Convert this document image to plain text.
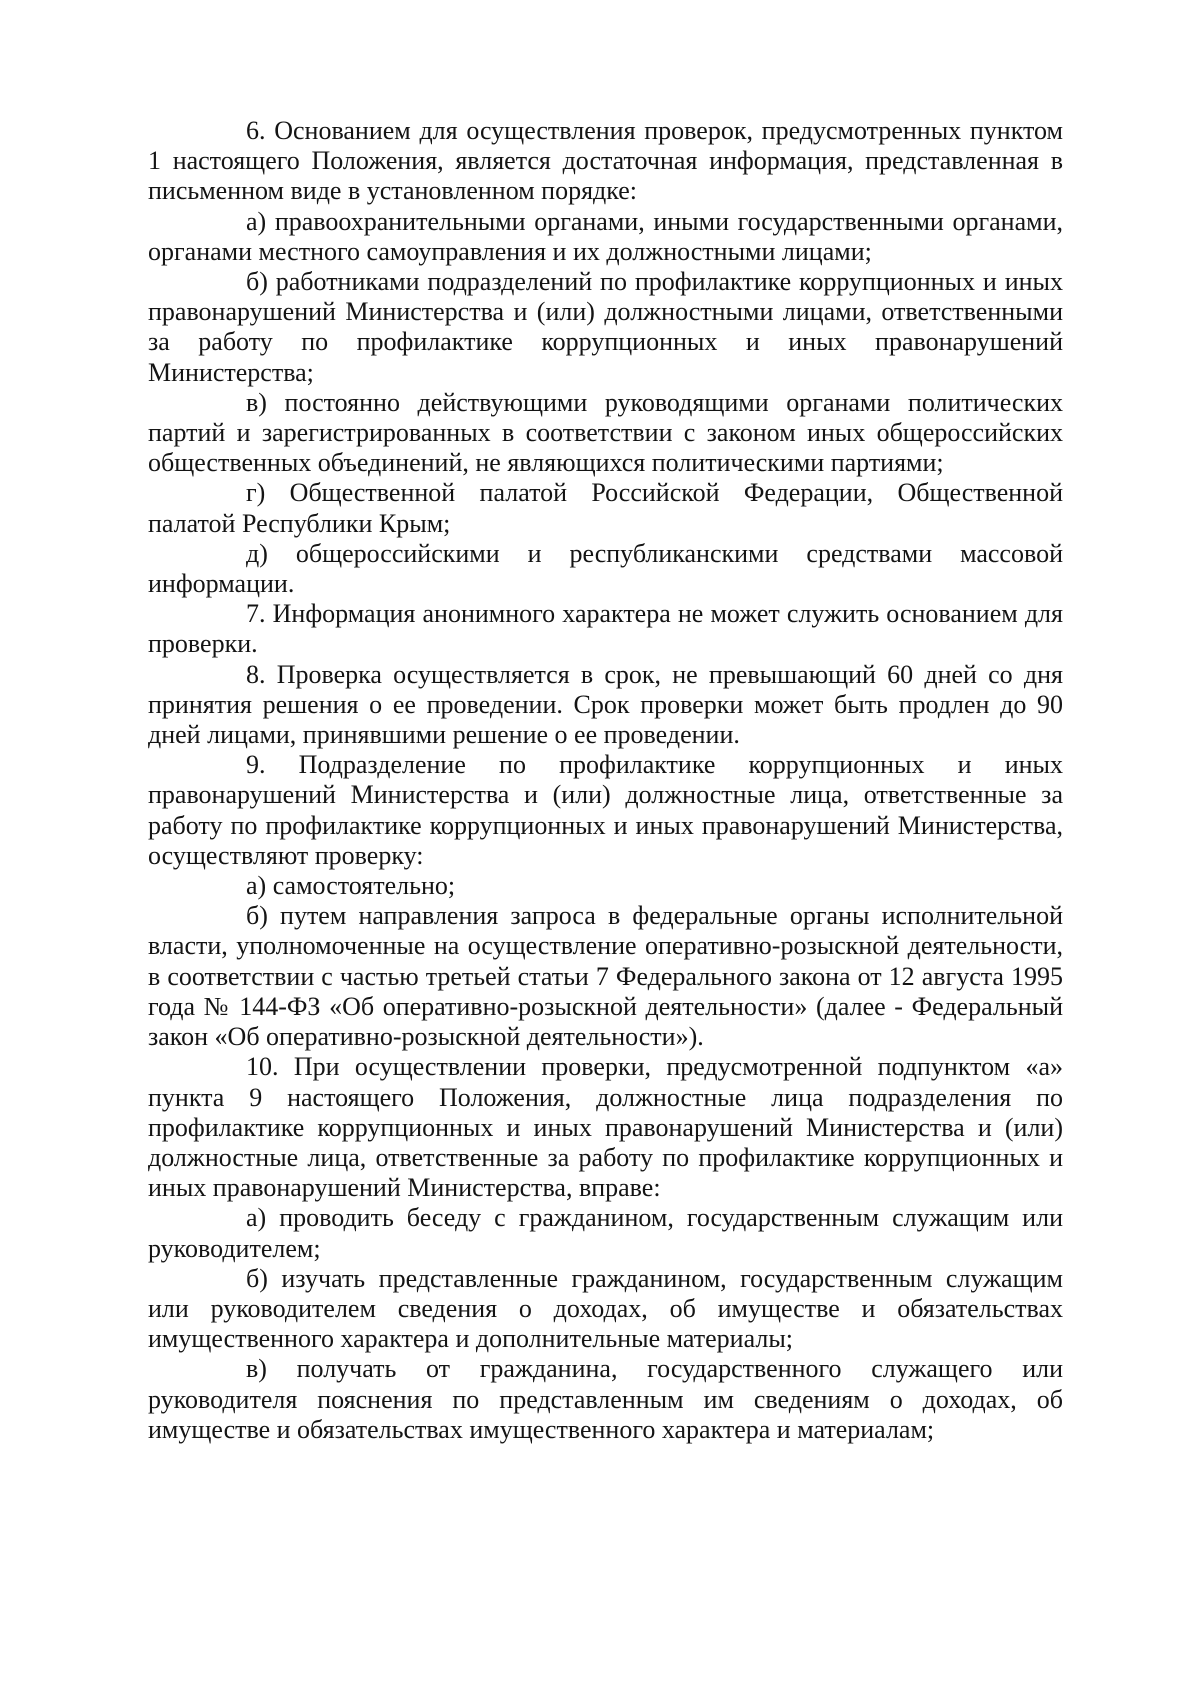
6. Основанием для осуществления проверок, предусмотренных пунктом 1 настоящего Положения, является достаточная информация, представленная в письменном виде в установленном порядке:

а) правоохранительными органами, иными государственными органами, органами местного самоуправления и их должностными лицами;

б) работниками подразделений по профилактике коррупционных и иных правонарушений Министерства и (или) должностными лицами, ответственными за работу по профилактике коррупционных и иных правонарушений Министерства;

в) постоянно действующими руководящими органами политических партий и зарегистрированных в соответствии с законом иных общероссийских общественных объединений, не являющихся политическими партиями;

г) Общественной палатой Российской Федерации, Общественной палатой Республики Крым;

д) общероссийскими и республиканскими средствами массовой информации.

7. Информация анонимного характера не может служить основанием для проверки.

8. Проверка осуществляется в срок, не превышающий 60 дней со дня принятия решения о ее проведении. Срок проверки может быть продлен до 90 дней лицами, принявшими решение о ее проведении.

9. Подразделение по профилактике коррупционных и иных правонарушений Министерства и (или) должностные лица, ответственные за работу по профилактике коррупционных и иных правонарушений Министерства, осуществляют проверку:

а) самостоятельно;

б) путем направления запроса в федеральные органы исполнительной власти, уполномоченные на осуществление оперативно-розыскной деятельности, в соответствии с частью третьей статьи 7 Федерального закона от 12 августа 1995 года № 144-ФЗ «Об оперативно-розыскной деятельности» (далее - Федеральный закон «Об оперативно-розыскной деятельности»).

10. При осуществлении проверки, предусмотренной подпунктом «а» пункта 9 настоящего Положения, должностные лица подразделения по профилактике коррупционных и иных правонарушений Министерства и (или) должностные лица, ответственные за работу по профилактике коррупционных и иных правонарушений Министерства, вправе:

а) проводить беседу с гражданином, государственным служащим или руководителем;

б) изучать представленные гражданином, государственным служащим или руководителем сведения о доходах, об имуществе и обязательствах имущественного характера и дополнительные материалы;

в) получать от гражданина, государственного служащего или руководителя пояснения по представленным им сведениям о доходах, об имуществе и обязательствах имущественного характера и материалам;
